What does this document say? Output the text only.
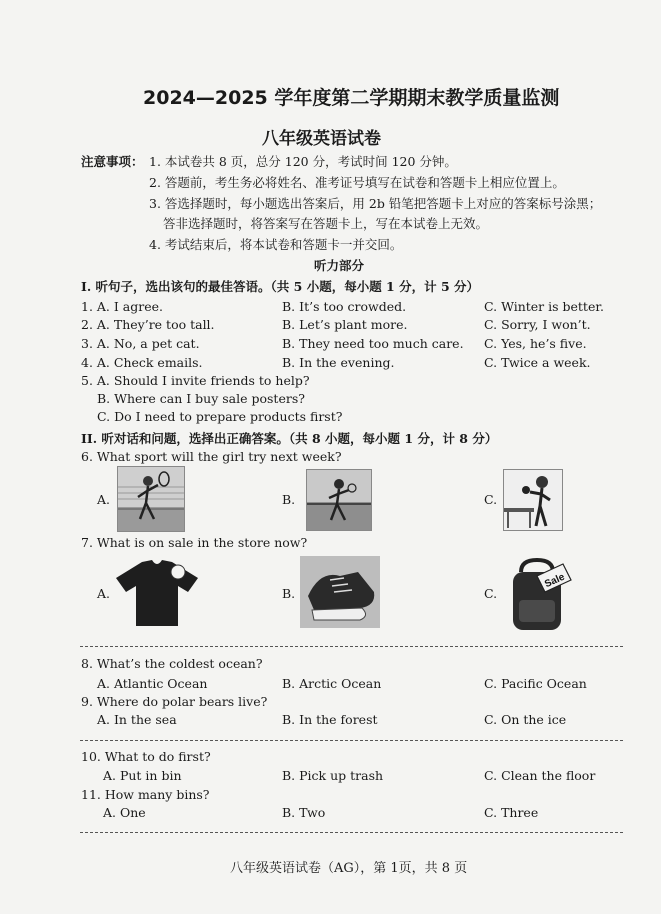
2024—2025 学年度第二学期期末教学质量监测
八年级英语试卷
注意事项： 1. 本试卷共 8 页，总分 120 分，考试时间 120 分钟。
2. 答题前，考生务必将姓名、准考证号填写在试卷和答题卡上相应位置上。
3. 答选择题时，每小题选出答案后，用 2b 铅笔把答题卡上对应的答案标号涂黑；
答非选择题时，将答案写在答题卡上，写在本试卷上无效。
4. 考试结束后，将本试卷和答题卡一并交回。
听力部分
I. 听句子，选出该句的最佳答语。（共 5 小题，每小题 1 分，计 5 分）
1. A. I agree.	B. It’s too crowded.	C. Winter is better.
2. A. They’re too tall.	B. Let’s plant more.	C. Sorry, I won’t.
3. A. No, a pet cat.	B. They need too much care. C. Yes, he’s five.
4. A. Check emails.	B. In the evening.	C. Twice a week.
5. A. Should I invite friends to help?
B. Where can I buy sale posters?
C. Do I need to prepare products first?
II. 听对话和问题，选择出正确答案。（共 8 小题，每小题 1 分，计 8 分）
6. What sport will the girl try next week?
A.	B.	C.
7. What is on sale in the store now?
A.	B.	C.
Sale
8. What’s the coldest ocean?
A. Atlantic Ocean	B. Arctic Ocean	C. Pacific Ocean
9. Where do polar bears live?
A. In the sea	B. In the forest	C. On the ice
10. What to do first?
A. Put in bin	B. Pick up trash	C. Clean the floor
11. How many bins?
A. One	B. Two	C. Three
八年级英语试卷（AG），第 1页，共 8 页
